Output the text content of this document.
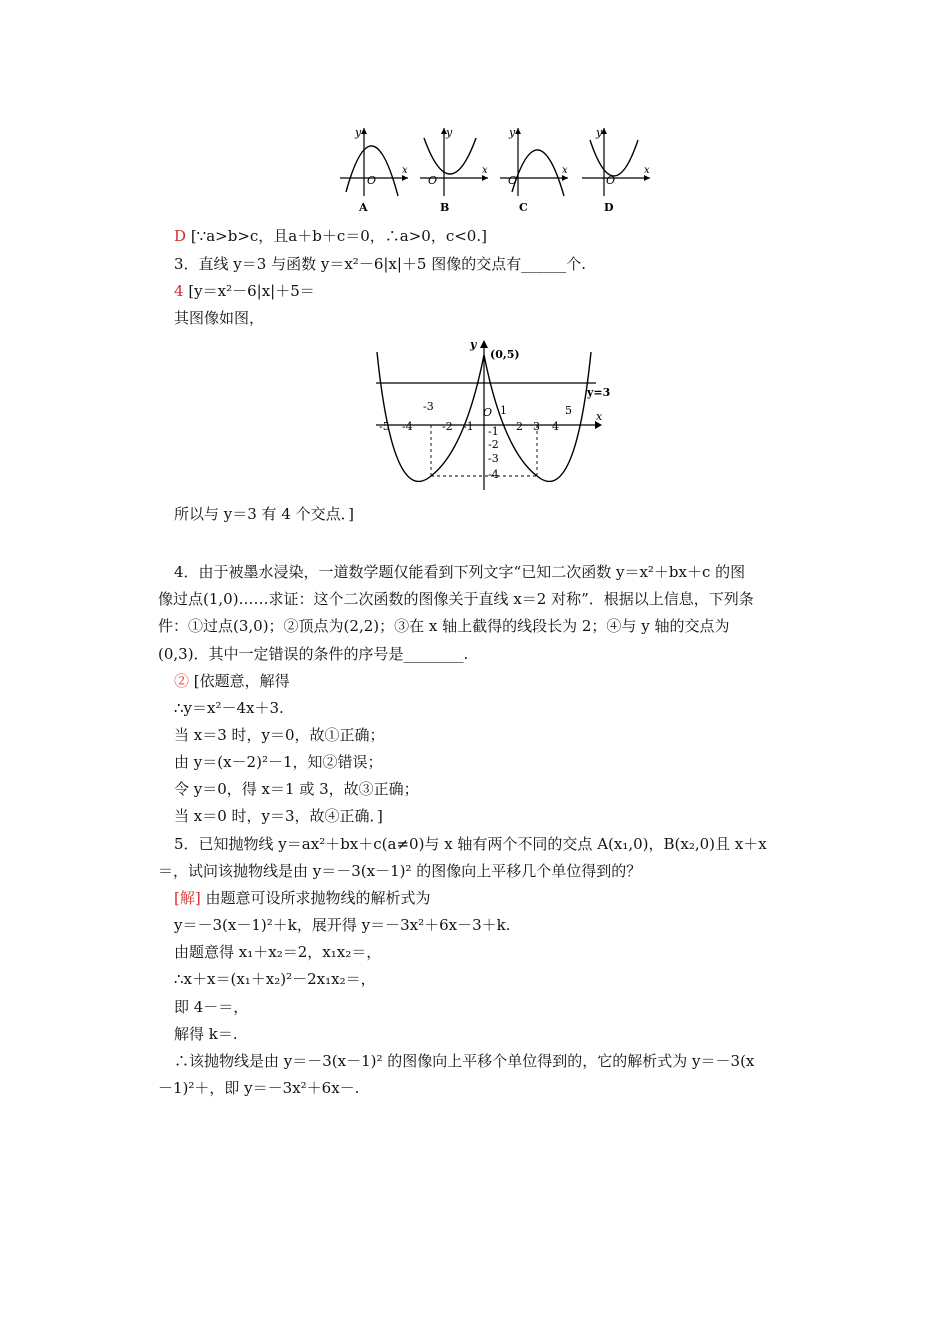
y
O
x
A
y
O
x
B
y
O
x
C
y
O
x
D
D [∵a>b>c，且a＋b＋c＝0，∴a>0，c<0.]
3．直线 y＝3 与函数 y＝x²－6|x|＋5 图像的交点有______个.
4 [y＝x²－6|x|＋5＝
其图像如图，
y
(0,5)
y=3
x
O
-5 -4	-2 -1
1
2 3 4
5
-3
-1
-2
-3
-4
所以与 y＝3 有 4 个交点．]
4．由于被墨水浸染，一道数学题仅能看到下列文字“已知二次函数 y＝x²＋bx＋c 的图
像过点(1,0)……求证：这个二次函数的图像关于直线 x＝2 对称”．根据以上信息，下列条
件：①过点(3,0)；②顶点为(2,2)；③在 x 轴上截得的线段长为 2；④与 y 轴的交点为
(0,3)．其中一定错误的条件的序号是________.
② [依题意，解得
∴y＝x²－4x＋3.
当 x＝3 时，y＝0，故①正确；
由 y＝(x－2)²－1，知②错误；
令 y＝0，得 x＝1 或 3，故③正确；
当 x＝0 时，y＝3，故④正确．]
5．已知抛物线 y＝ax²＋bx＋c(a≠0)与 x 轴有两个不同的交点 A(x₁,0)，B(x₂,0)且 x＋x
＝，试问该抛物线是由 y＝－3(x－1)² 的图像向上平移几个单位得到的？
[解] 由题意可设所求抛物线的解析式为
y＝－3(x－1)²＋k，展开得 y＝－3x²＋6x－3＋k.
由题意得 x₁＋x₂＝2，x₁x₂＝，
∴x＋x＝(x₁＋x₂)²－2x₁x₂＝，
即 4－＝，
解得 k＝.
∴该抛物线是由 y＝－3(x－1)² 的图像向上平移个单位得到的，它的解析式为 y＝－3(x
－1)²＋，即 y＝－3x²＋6x－.
